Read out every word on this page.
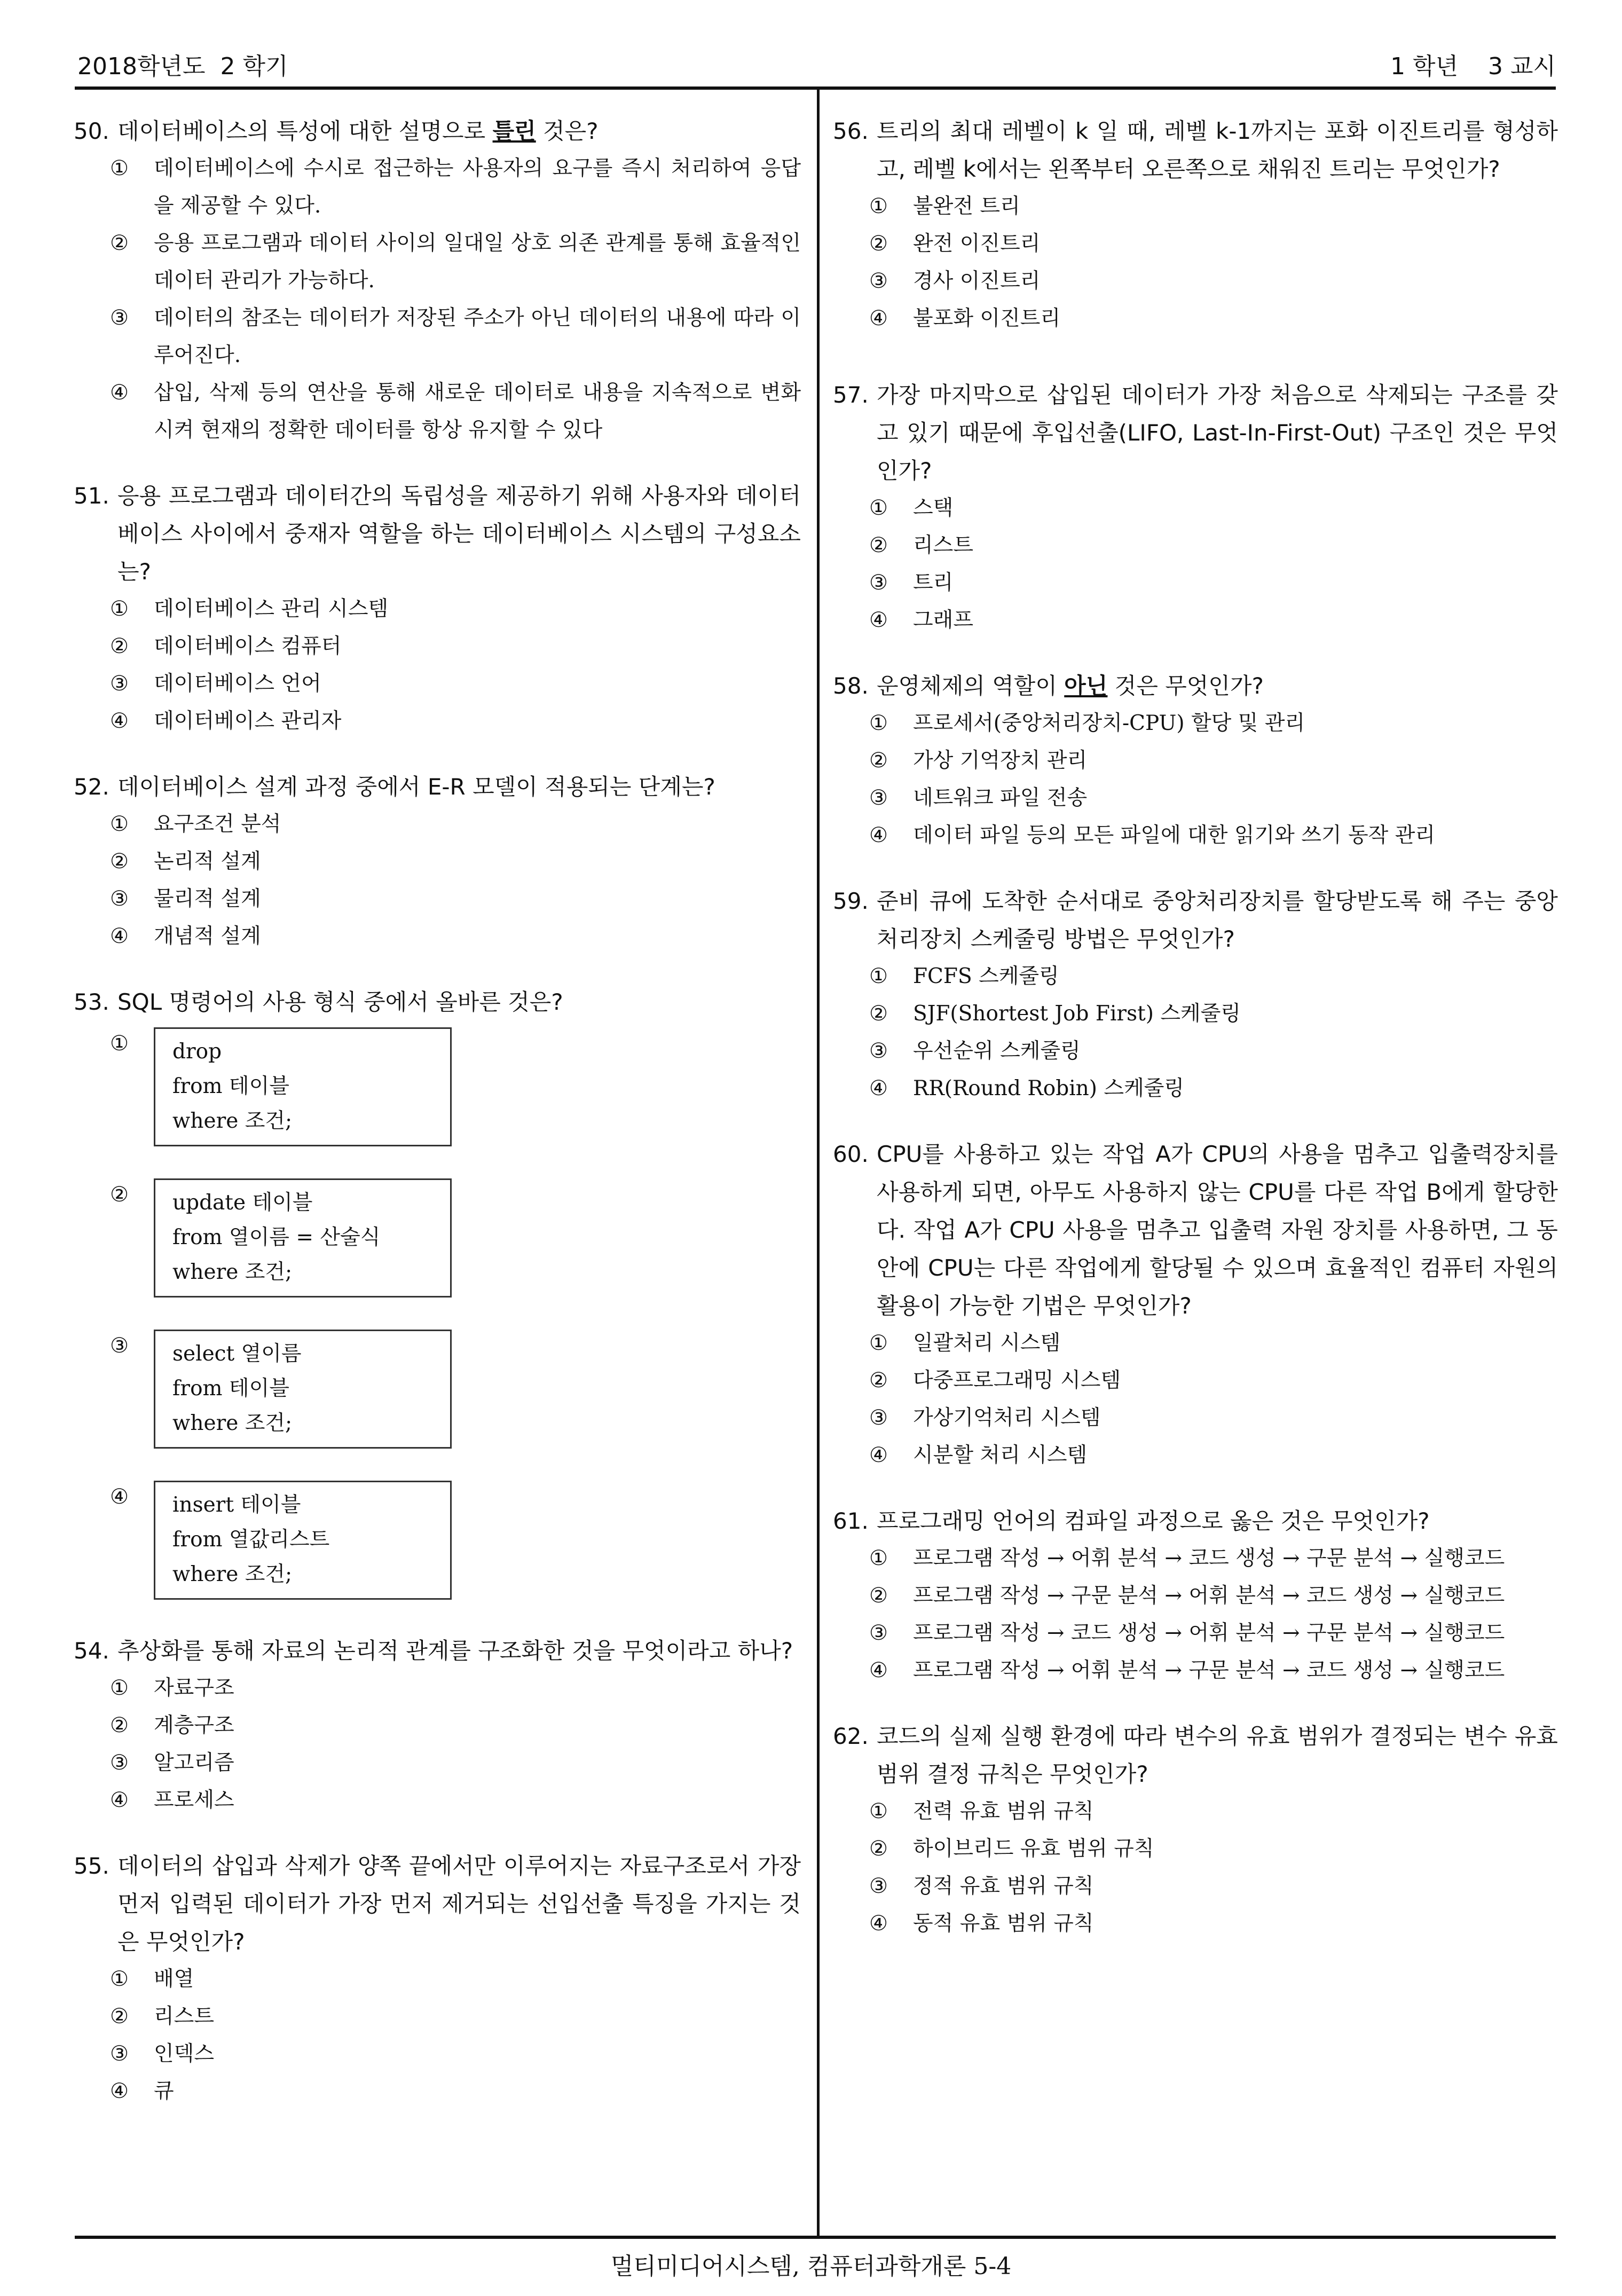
2018학년도  2 학기	1 학년    3 교시
50. 데이터베이스의 특성에 대한 설명으로 틀린 것은?
① 데이터베이스에 수시로 접근하는 사용자의 요구를 즉시 처리하여 응답을 제공할 수 있다.
② 응용 프로그램과 데이터 사이의 일대일 상호 의존 관계를 통해 효율적인 데이터 관리가 가능하다.
③ 데이터의 참조는 데이터가 저장된 주소가 아닌 데이터의 내용에 따라 이루어진다.
④ 삽입, 삭제 등의 연산을 통해 새로운 데이터로 내용을 지속적으로 변화시켜 현재의 정확한 데이터를 항상 유지할 수 있다
51. 응용 프로그램과 데이터간의 독립성을 제공하기 위해 사용자와 데이터베이스 사이에서 중재자 역할을 하는 데이터베이스 시스템의 구성요소는?
① 데이터베이스 관리 시스템
② 데이터베이스 컴퓨터
③ 데이터베이스 언어
④ 데이터베이스 관리자
52. 데이터베이스 설계 과정 중에서 E-R 모델이 적용되는 단계는?
① 요구조건 분석
② 논리적 설계
③ 물리적 설계
④ 개념적 설계
53. SQL 명령어의 사용 형식 중에서 올바른 것은?
① drop
from 테이블
where 조건;
② update 테이블
from 열이름 = 산술식
where 조건;
③ select 열이름
from 테이블
where 조건;
④ insert 테이블
from 열값리스트
where 조건;
54. 추상화를 통해 자료의 논리적 관계를 구조화한 것을 무엇이라고 하나?
① 자료구조
② 계층구조
③ 알고리즘
④ 프로세스
55. 데이터의 삽입과 삭제가 양쪽 끝에서만 이루어지는 자료구조로서 가장 먼저 입력된 데이터가 가장 먼저 제거되는 선입선출 특징을 가지는 것은 무엇인가?
① 배열
② 리스트
③ 인덱스
④ 큐
56. 트리의 최대 레벨이 k 일 때, 레벨 k-1까지는 포화 이진트리를 형성하고, 레벨 k에서는 왼쪽부터 오른쪽으로 채워진 트리는 무엇인가?
① 불완전 트리
② 완전 이진트리
③ 경사 이진트리
④ 불포화 이진트리
57. 가장 마지막으로 삽입된 데이터가 가장 처음으로 삭제되는 구조를 갖고 있기 때문에 후입선출(LIFO, Last-In-First-Out) 구조인 것은 무엇인가?
① 스택
② 리스트
③ 트리
④ 그래프
58. 운영체제의 역할이 아닌 것은 무엇인가?
① 프로세서(중앙처리장치-CPU) 할당 및 관리
② 가상 기억장치 관리
③ 네트워크 파일 전송
④ 데이터 파일 등의 모든 파일에 대한 읽기와 쓰기 동작 관리
59. 준비 큐에 도착한 순서대로 중앙처리장치를 할당받도록 해 주는 중앙처리장치 스케줄링 방법은 무엇인가?
① FCFS 스케줄링
② SJF(Shortest Job First) 스케줄링
③ 우선순위 스케줄링
④ RR(Round Robin) 스케줄링
60. CPU를 사용하고 있는 작업 A가 CPU의 사용을 멈추고 입출력장치를 사용하게 되면, 아무도 사용하지 않는 CPU를 다른 작업 B에게 할당한다. 작업 A가 CPU 사용을 멈추고 입출력 자원 장치를 사용하면, 그 동안에 CPU는 다른 작업에게 할당될 수 있으며 효율적인 컴퓨터 자원의 활용이 가능한 기법은 무엇인가?
① 일괄처리 시스템
② 다중프로그래밍 시스템
③ 가상기억처리 시스템
④ 시분할 처리 시스템
61. 프로그래밍 언어의 컴파일 과정으로 옳은 것은 무엇인가?
① 프로그램 작성 → 어휘 분석 → 코드 생성 → 구문 분석 → 실행코드
② 프로그램 작성 → 구문 분석 → 어휘 분석 → 코드 생성 → 실행코드
③ 프로그램 작성 → 코드 생성 → 어휘 분석 → 구문 분석 → 실행코드
④ 프로그램 작성 → 어휘 분석 → 구문 분석 → 코드 생성 → 실행코드
62. 코드의 실제 실행 환경에 따라 변수의 유효 범위가 결정되는 변수 유효범위 결정 규칙은 무엇인가?
① 전력 유효 범위 규칙
② 하이브리드 유효 범위 규칙
③ 정적 유효 범위 규칙
④ 동적 유효 범위 규칙
멀티미디어시스템, 컴퓨터과학개론 5-4
